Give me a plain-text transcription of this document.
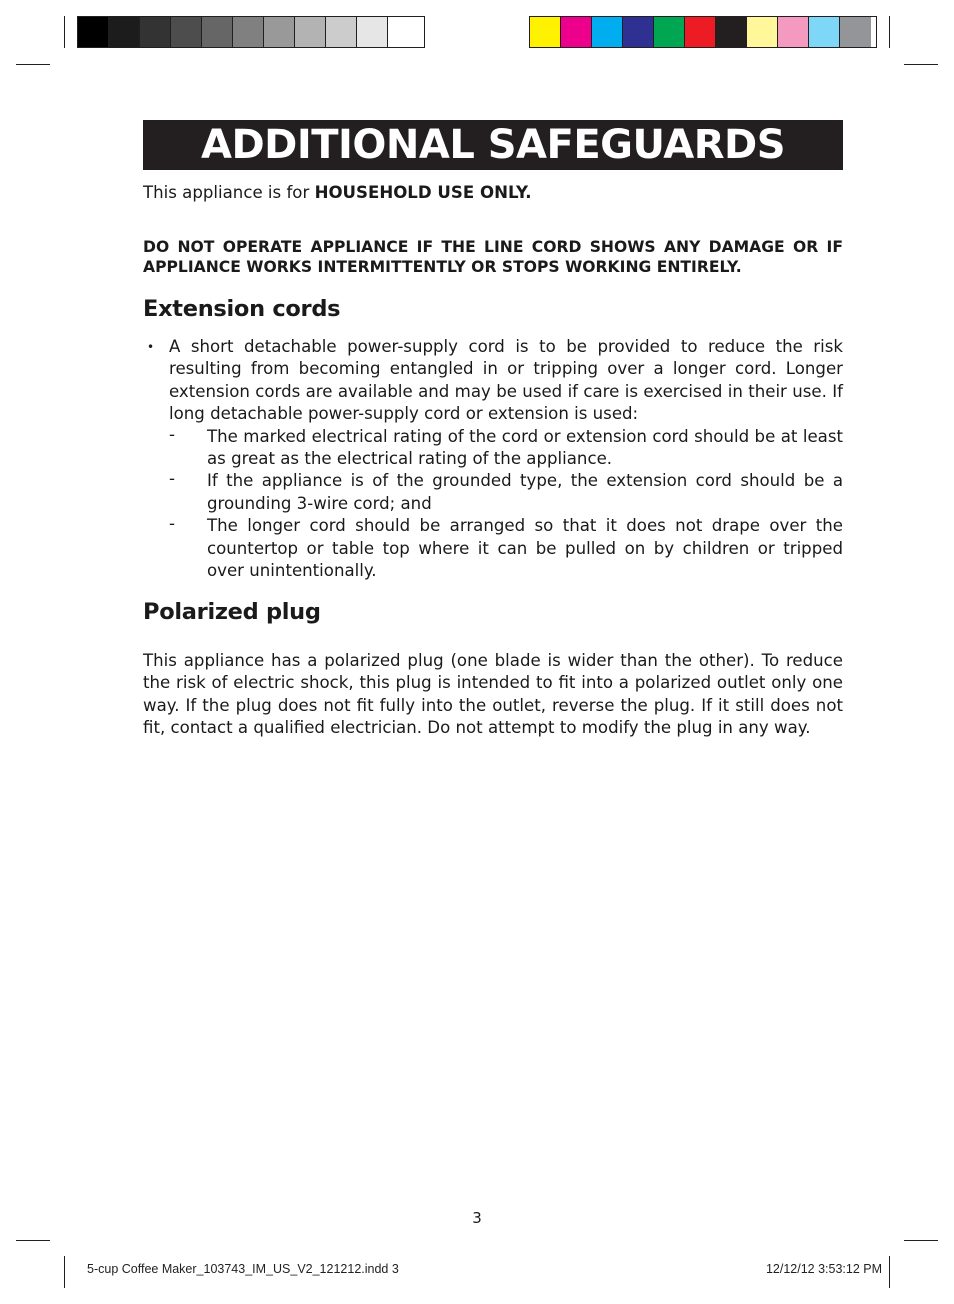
ADDITIONAL SAFEGUARDS
This appliance is for HOUSEHOLD USE ONLY.
DO NOT OPERATE APPLIANCE IF THE LINE CORD SHOWS ANY DAMAGE OR IF APPLIANCE WORKS INTERMITTENTLY OR STOPS WORKING ENTIRELY.
Extension cords
• A short detachable power-supply cord is to be provided to reduce the risk resulting from becoming entangled in or tripping over a longer cord. Longer extension cords are available and may be used if care is exercised in their use. If long detachable power-supply cord or extension is used:
- The marked electrical rating of the cord or extension cord should be at least as great as the electrical rating of the appliance.
- If the appliance is of the grounded type, the extension cord should be a grounding 3-wire cord; and
- The longer cord should be arranged so that it does not drape over the countertop or table top where it can be pulled on by children or tripped over unintentionally.
Polarized plug
This appliance has a polarized plug (one blade is wider than the other). To reduce the risk of electric shock, this plug is intended to fit into a polarized outlet only one way. If the plug does not fit fully into the outlet, reverse the plug. If it still does not fit, contact a qualified electrician. Do not attempt to modify the plug in any way.
3
5-cup Coffee Maker_103743_IM_US_V2_121212.indd 3	12/12/12 3:53:12 PM
